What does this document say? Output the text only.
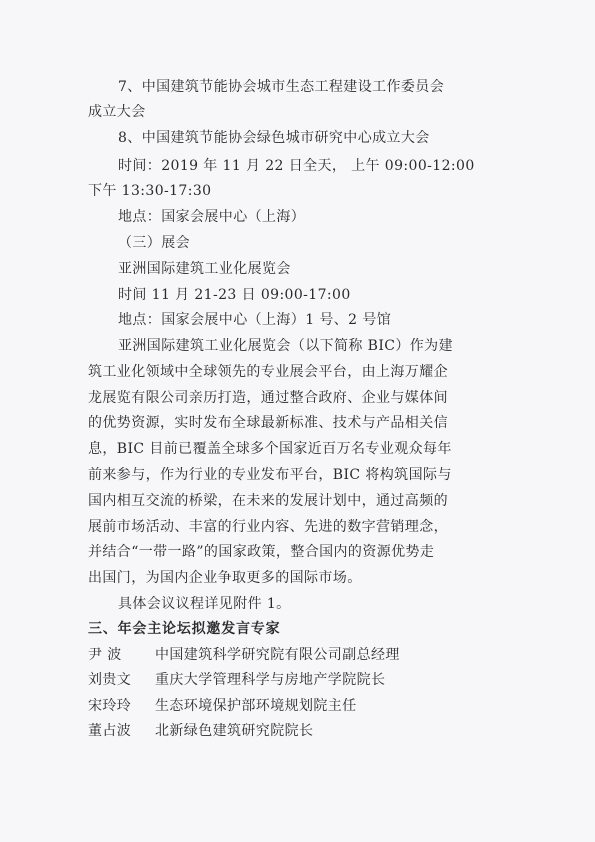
7、中国建筑节能协会城市生态工程建设工作委员会
成立大会
8、中国建筑节能协会绿色城市研究中心成立大会
时间：2019 年 11 月 22 日全天， 上午 09:00-12:00
下午 13:30-17:30
地点：国家会展中心（上海）
（三）展会
亚洲国际建筑工业化展览会
时间 11 月 21-23 日 09:00-17:00
地点：国家会展中心（上海）1 号、2 号馆
亚洲国际建筑工业化展览会（以下简称 BIC）作为建
筑工业化领域中全球领先的专业展会平台，由上海万耀企
龙展览有限公司亲历打造，通过整合政府、企业与媒体间
的优势资源，实时发布全球最新标准、技术与产品相关信
息，BIC 目前已覆盖全球多个国家近百万名专业观众每年
前来参与，作为行业的专业发布平台，BIC 将构筑国际与
国内相互交流的桥梁，在未来的发展计划中，通过高频的
展前市场活动、丰富的行业内容、先进的数字营销理念，
并结合“一带一路”的国家政策，整合国内的资源优势走
出国门，为国内企业争取更多的国际市场。
具体会议议程详见附件 1。
三、年会主论坛拟邀发言专家
尹 波 中国建筑科学研究院有限公司副总经理
刘贵文 重庆大学管理科学与房地产学院院长
宋玲玲 生态环境保护部环境规划院主任
董占波 北新绿色建筑研究院院长
